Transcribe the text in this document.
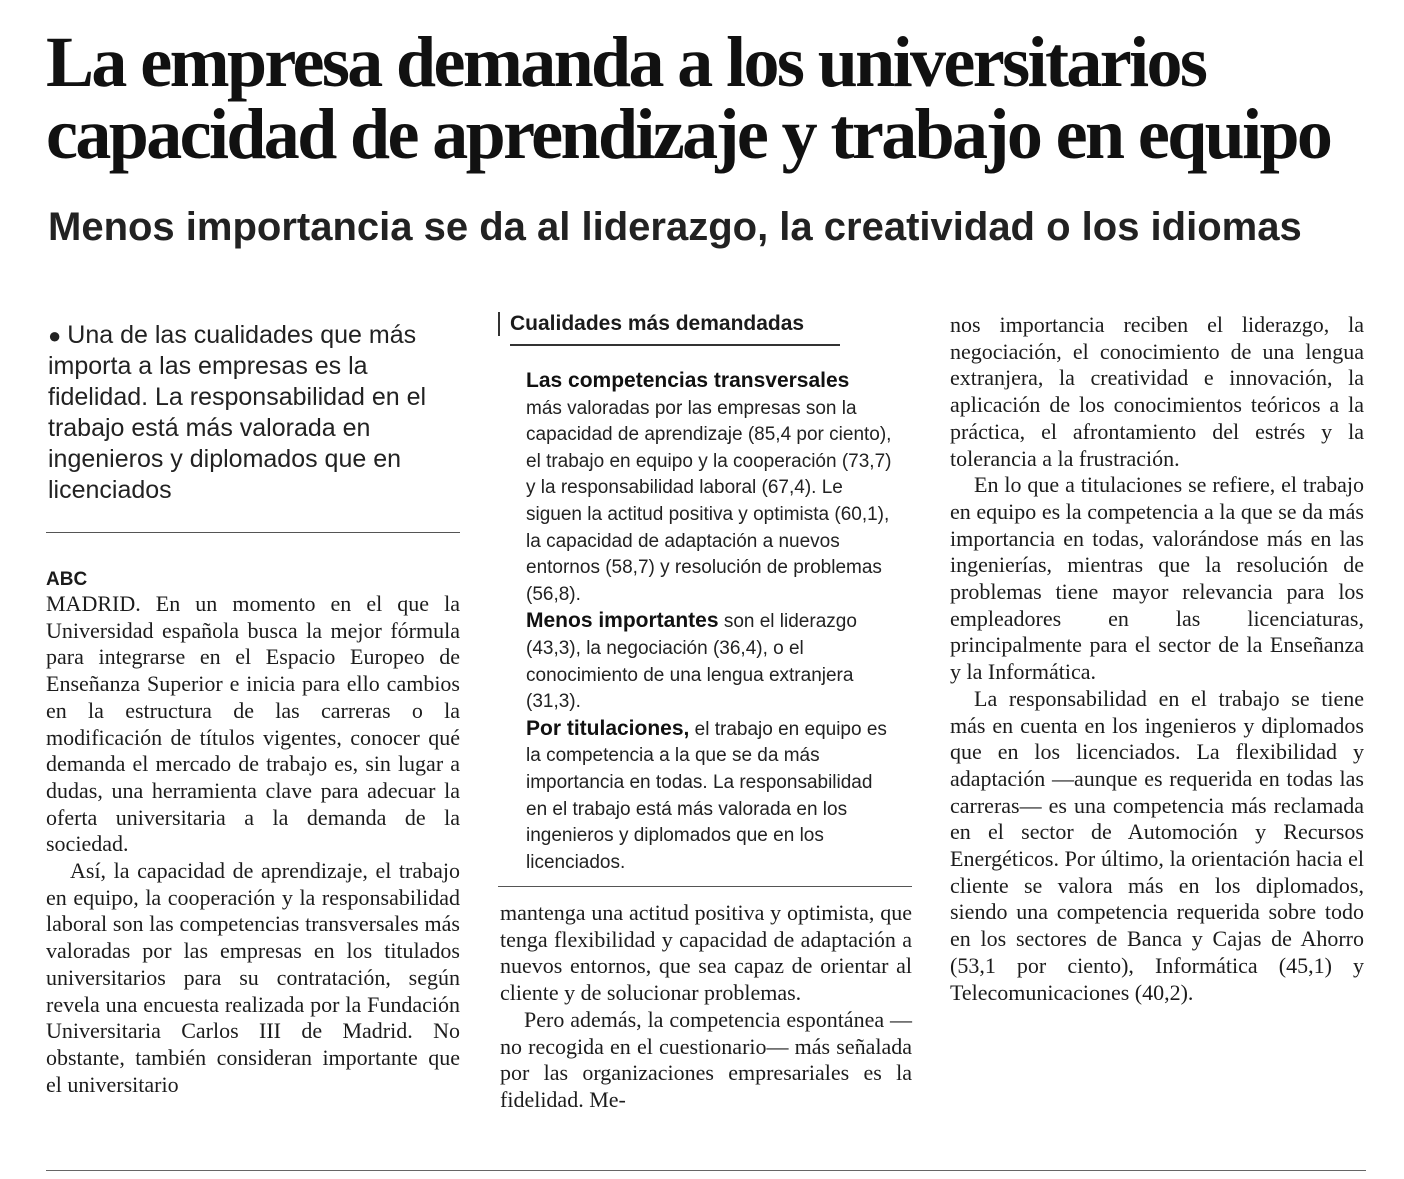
La empresa demanda a los universitarios
capacidad de aprendizaje y trabajo en equipo
Menos importancia se da al liderazgo, la creatividad o los idiomas

● Una de las cualidades que más importa a las empresas es la fidelidad. La responsabilidad en el trabajo está más valorada en ingenieros y diplomados que en licenciados

ABC

MADRID. En un momento en el que la Universidad española busca la mejor fórmula para integrarse en el Espacio Europeo de Enseñanza Superior e inicia para ello cambios en la estructura de las carreras o la modificación de títulos vigentes, conocer qué demanda el mercado de trabajo es, sin lugar a dudas, una herramienta clave para adecuar la oferta universitaria a la demanda de la sociedad.

Así, la capacidad de aprendizaje, el trabajo en equipo, la cooperación y la responsabilidad laboral son las competencias transversales más valoradas por las empresas en los titulados universitarios para su contratación, según revela una encuesta realizada por la Fundación Universitaria Carlos III de Madrid. No obstante, también consideran importante que el universitario

Cualidades más demandadas

Las competencias transversales
más valoradas por las empresas son la capacidad de aprendizaje (85,4 por ciento), el trabajo en equipo y la cooperación (73,7) y la responsabilidad laboral (67,4). Le siguen la actitud positiva y optimista (60,1), la capacidad de adaptación a nuevos entornos (58,7) y resolución de problemas (56,8).

Menos importantes son el liderazgo (43,3), la negociación (36,4), o el conocimiento de una lengua extranjera (31,3).

Por titulaciones, el trabajo en equipo es la competencia a la que se da más importancia en todas. La responsabilidad en el trabajo está más valorada en los ingenieros y diplomados que en los licenciados.

mantenga una actitud positiva y optimista, que tenga flexibilidad y capacidad de adaptación a nuevos entornos, que sea capaz de orientar al cliente y de solucionar problemas.

Pero además, la competencia espontánea —no recogida en el cuestionario— más señalada por las organizaciones empresariales es la fidelidad. Me-

nos importancia reciben el liderazgo, la negociación, el conocimiento de una lengua extranjera, la creatividad e innovación, la aplicación de los conocimientos teóricos a la práctica, el afrontamiento del estrés y la tolerancia a la frustración.

En lo que a titulaciones se refiere, el trabajo en equipo es la competencia a la que se da más importancia en todas, valorándose más en las ingenierías, mientras que la resolución de problemas tiene mayor relevancia para los empleadores en las licenciaturas, principalmente para el sector de la Enseñanza y la Informática.

La responsabilidad en el trabajo se tiene más en cuenta en los ingenieros y diplomados que en los licenciados. La flexibilidad y adaptación —aunque es requerida en todas las carreras— es una competencia más reclamada en el sector de Automoción y Recursos Energéticos. Por último, la orientación hacia el cliente se valora más en los diplomados, siendo una competencia requerida sobre todo en los sectores de Banca y Cajas de Ahorro (53,1 por ciento), Informática (45,1) y Telecomunicaciones (40,2).
